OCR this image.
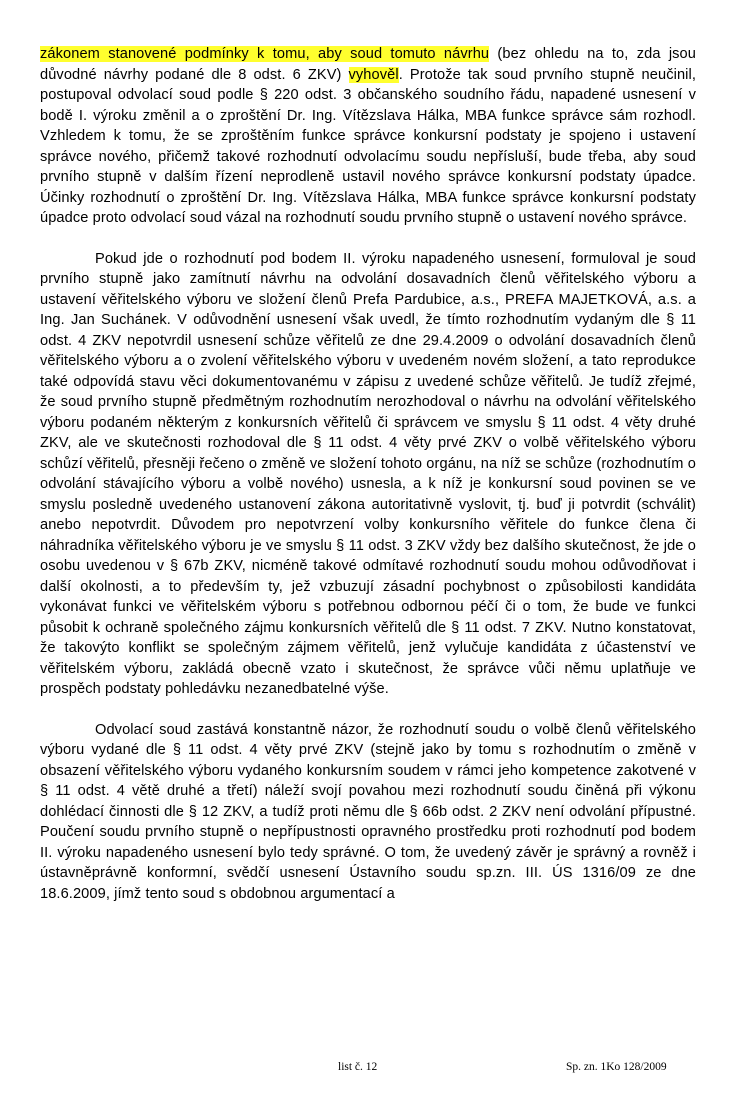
zákonem stanovené podmínky k tomu, aby soud tomuto návrhu (bez ohledu na to, zda jsou důvodné návrhy podané dle 8 odst. 6 ZKV) vyhověl. Protože tak soud prvního stupně neučinil, postupoval odvolací soud podle § 220 odst. 3 občanského soudního řádu, napadené usnesení v bodě I. výroku změnil a o zproštění Dr. Ing. Vítězslava Hálka, MBA funkce správce sám rozhodl. Vzhledem k tomu, že se zproštěním funkce správce konkursní podstaty je spojeno i ustavení správce nového, přičemž takové rozhodnutí odvolacímu soudu nepřísluší, bude třeba, aby soud prvního stupně v dalším řízení neprodleně ustavil nového správce konkursní podstaty úpadce. Účinky rozhodnutí o zproštění Dr. Ing. Vítězslava Hálka, MBA funkce správce konkursní podstaty úpadce proto odvolací soud vázal na rozhodnutí soudu prvního stupně o ustavení nového správce.

Pokud jde o rozhodnutí pod bodem II. výroku napadeného usnesení, formuloval je soud prvního stupně jako zamítnutí návrhu na odvolání dosavadních členů věřitelského výboru a ustavení věřitelského výboru ve složení členů Prefa Pardubice, a.s., PREFA MAJETKOVÁ, a.s. a Ing. Jan Suchánek. V odůvodnění usnesení však uvedl, že tímto rozhodnutím vydaným dle § 11 odst. 4 ZKV nepotvrdil usnesení schůze věřitelů ze dne 29.4.2009 o odvolání dosavadních členů věřitelského výboru a o zvolení věřitelského výboru v uvedeném novém složení, a tato reprodukce také odpovídá stavu věci dokumentovanému v zápisu z uvedené schůze věřitelů. Je tudíž zřejmé, že soud prvního stupně předmětným rozhodnutím nerozhodoval o návrhu na odvolání věřitelského výboru podaném některým z konkursních věřitelů či správcem ve smyslu § 11 odst. 4 věty druhé ZKV, ale ve skutečnosti rozhodoval dle § 11 odst. 4 věty prvé ZKV o volbě věřitelského výboru schůzí věřitelů, přesněji řečeno o změně ve složení tohoto orgánu, na níž se schůze (rozhodnutím o odvolání stávajícího výboru a volbě nového) usnesla, a k níž je konkursní soud povinen se ve smyslu posledně uvedeného ustanovení zákona autoritativně vyslovit, tj. buď ji potvrdit (schválit) anebo nepotvrdit. Důvodem pro nepotvrzení volby konkursního věřitele do funkce člena či náhradníka věřitelského výboru je ve smyslu § 11 odst. 3 ZKV vždy bez dalšího skutečnost, že jde o osobu uvedenou v § 67b ZKV, nicméně takové odmítavé rozhodnutí soudu mohou odůvodňovat i další okolnosti, a to především ty, jež vzbuzují zásadní pochybnost o způsobilosti kandidáta vykonávat funkci ve věřitelském výboru s potřebnou odbornou péčí či o tom, že bude ve funkci působit k ochraně společného zájmu konkursních věřitelů dle § 11 odst. 7 ZKV. Nutno konstatovat, že takovýto konflikt se společným zájmem věřitelů, jenž vylučuje kandidáta z účastenství ve věřitelském výboru, zakládá obecně vzato i skutečnost, že správce vůči němu uplatňuje ve prospěch podstaty pohledávku nezanedbatelné výše.

Odvolací soud zastává konstantně názor, že rozhodnutí soudu o volbě členů věřitelského výboru vydané dle § 11 odst. 4 věty prvé ZKV (stejně jako by tomu s rozhodnutím o změně v obsazení věřitelského výboru vydaného konkursním soudem v rámci jeho kompetence zakotvené v § 11 odst. 4 větě druhé a třetí) náleží svojí povahou mezi rozhodnutí soudu činěná při výkonu dohlédací činnosti dle § 12 ZKV, a tudíž proti němu dle § 66b odst. 2 ZKV není odvolání přípustné. Poučení soudu prvního stupně o nepřípustnosti opravného prostředku proti rozhodnutí pod bodem II. výroku napadeného usnesení bylo tedy správné. O tom, že uvedený závěr je správný a rovněž i ústavněprávně konformní, svědčí usnesení Ústavního soudu sp.zn. III. ÚS 1316/09 ze dne 18.6.2009, jímž tento soud s obdobnou argumentací a

list č. 12	Sp. zn. 1Ko 128/2009
